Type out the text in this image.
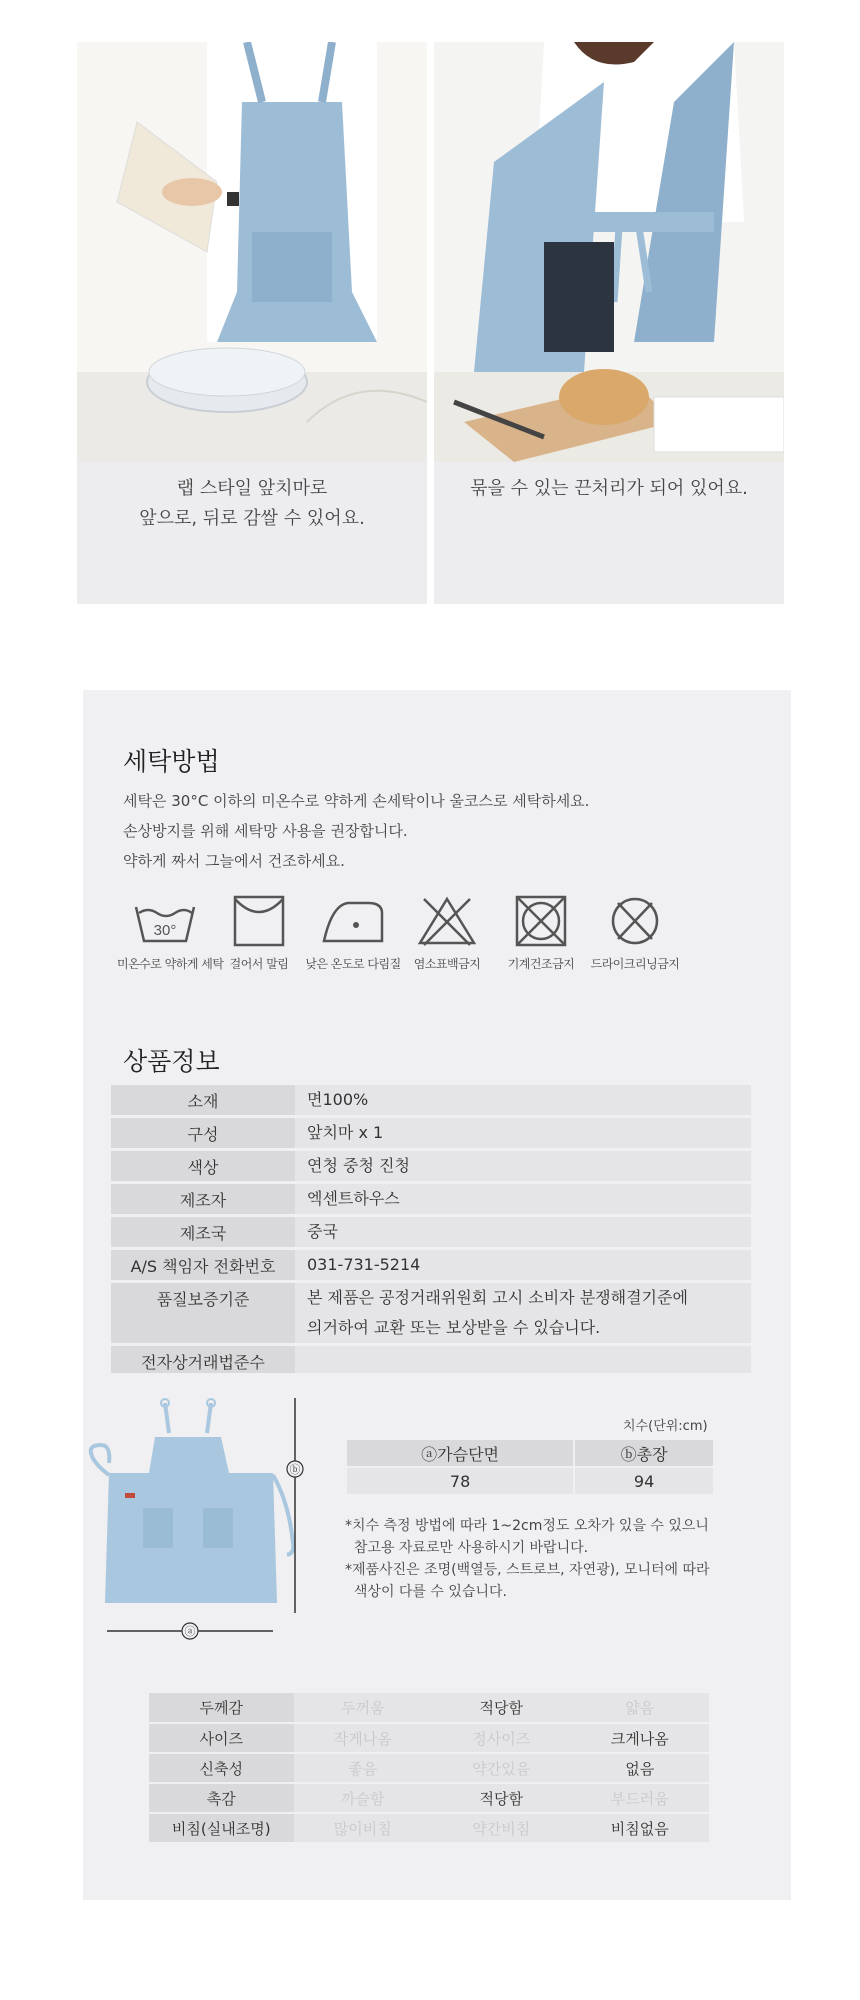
랩 스타일 앞치마로
앞으로, 뒤로 감쌀 수 있어요.
묶을 수 있는 끈처리가 되어 있어요.
세탁방법
세탁은 30°C 이하의 미온수로 약하게 손세탁이나 울코스로 세탁하세요.
손상방지를 위해 세탁망 사용을 권장합니다.
약하게 짜서 그늘에서 건조하세요.
30°
미온수로 약하게 세탁 걸어서 말림	낮은 온도로 다림질	염소표백금지	기계건조금지	드라이크리닝금지
상품정보
소재	면100%
구성	앞치마 x 1
색상	연청 중청 진청
제조자	엑센트하우스
제조국	중국
A/S 책임자 전화번호	031-731-5214
품질보증기준	본 제품은 공정거래위원회 고시 소비자 분쟁해결기준에
의거하여 교환 또는 보상받을 수 있습니다.

전자상거래법준수	
ⓑ
ⓐ
치수(단위:cm)
ⓐ가슴단면	ⓑ총장
78	94
*치수 측정 방법에 따라 1~2cm정도 오차가 있을 수 있으니
참고용 자료로만 사용하시기 바랍니다.
*제품사진은 조명(백열등, 스트로브, 자연광), 모니터에 따라
색상이 다를 수 있습니다.
두께감	두꺼움	적당함	얇음
사이즈	작게나옴	정사이즈	크게나옴
신축성	좋음	약간있음	없음
촉감	까슬함	적당함	부드러움
비침(실내조명)	많이비침	약간비침	비침없음
